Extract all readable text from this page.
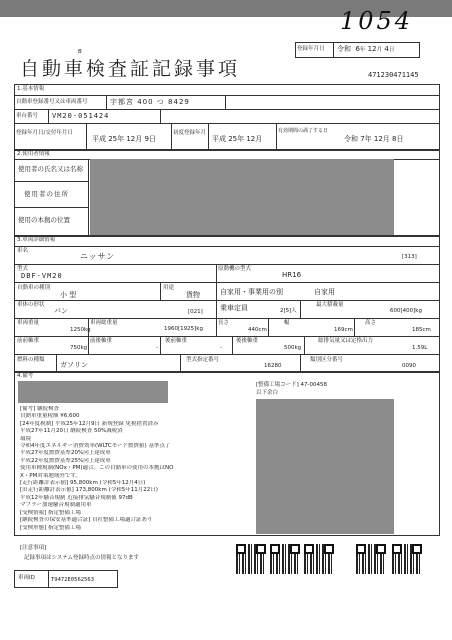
1054
登録年月日 令和 6年 12月 4日
B
自動車検査証記録事項	471230471145
1.基本情報
自動車登録番号又は車両番号	宇都宮 400 つ 8429
車台番号 VM20-051424
登録年月日/交付年月日
平成 25年 12月 9日
初度登録年月
平成 25年 12月
有効期間の満了する日
令和 7年 12月 8日
2.使用者情報
使用者の氏名又は名称
使用者の住所
使用の本拠の位置
3.車両詳細情報
車名
ニッサン	[313]
型式
DBF-VM20
原動機の型式
HR16
自動車の種別
小 型
用途
貨物	自家用・事業用の別	自家用
車体の形状
バン	[021] 乗車定員	2[5]人
最大積載量
600[400]kg
車両重量
1250kg
車両総重量
1960[1925]kg
長さ
440cm
幅
169cm
高さ
185cm
前前軸重
750kg
前後軸重
-
後前軸重
-
後後軸重
500kg
総排気量又は定格出力
1.59L
燃料の種類
ガソリン
型式指定番号
16280
類別区分番号
0090
4.備考
[整備工場コード] 47-00458
以下余白
[備考] 継続検査
自動車重量税額 ¥6,600
[24年度税制] 平成25年12月9日 新規登録 免税措置済み
平成27年11月20日 継続検査 50%減税済
環境
令和4年度エネルギー消費効率(WLTCモード燃費値) 基準点了
平成27年度燃費基準20%向上達成車
平成22年度燃費基準25%向上達成車
使用車種規制(NOx・PM)適合。この自動車の使用の本拠はNO
X・PM対策地域外です。
[走行距離計表示値] 95,800km (令和5年12月4日)
[旧走行距離計表示値] 173,800km (令和5年11月22日)
平成12年騒音規制 近接排気騒音規制値 97dB
マフラー加速騒音規制適用車
[受検情報] 指定整備工場
[継続検査の保安基準適合証] 自社整備工場適合証あり
[受検形態] 指定整備工場
[注意事項]
記録事項はシステム登録時点の情報となります
車両ID	T9472E0562563
